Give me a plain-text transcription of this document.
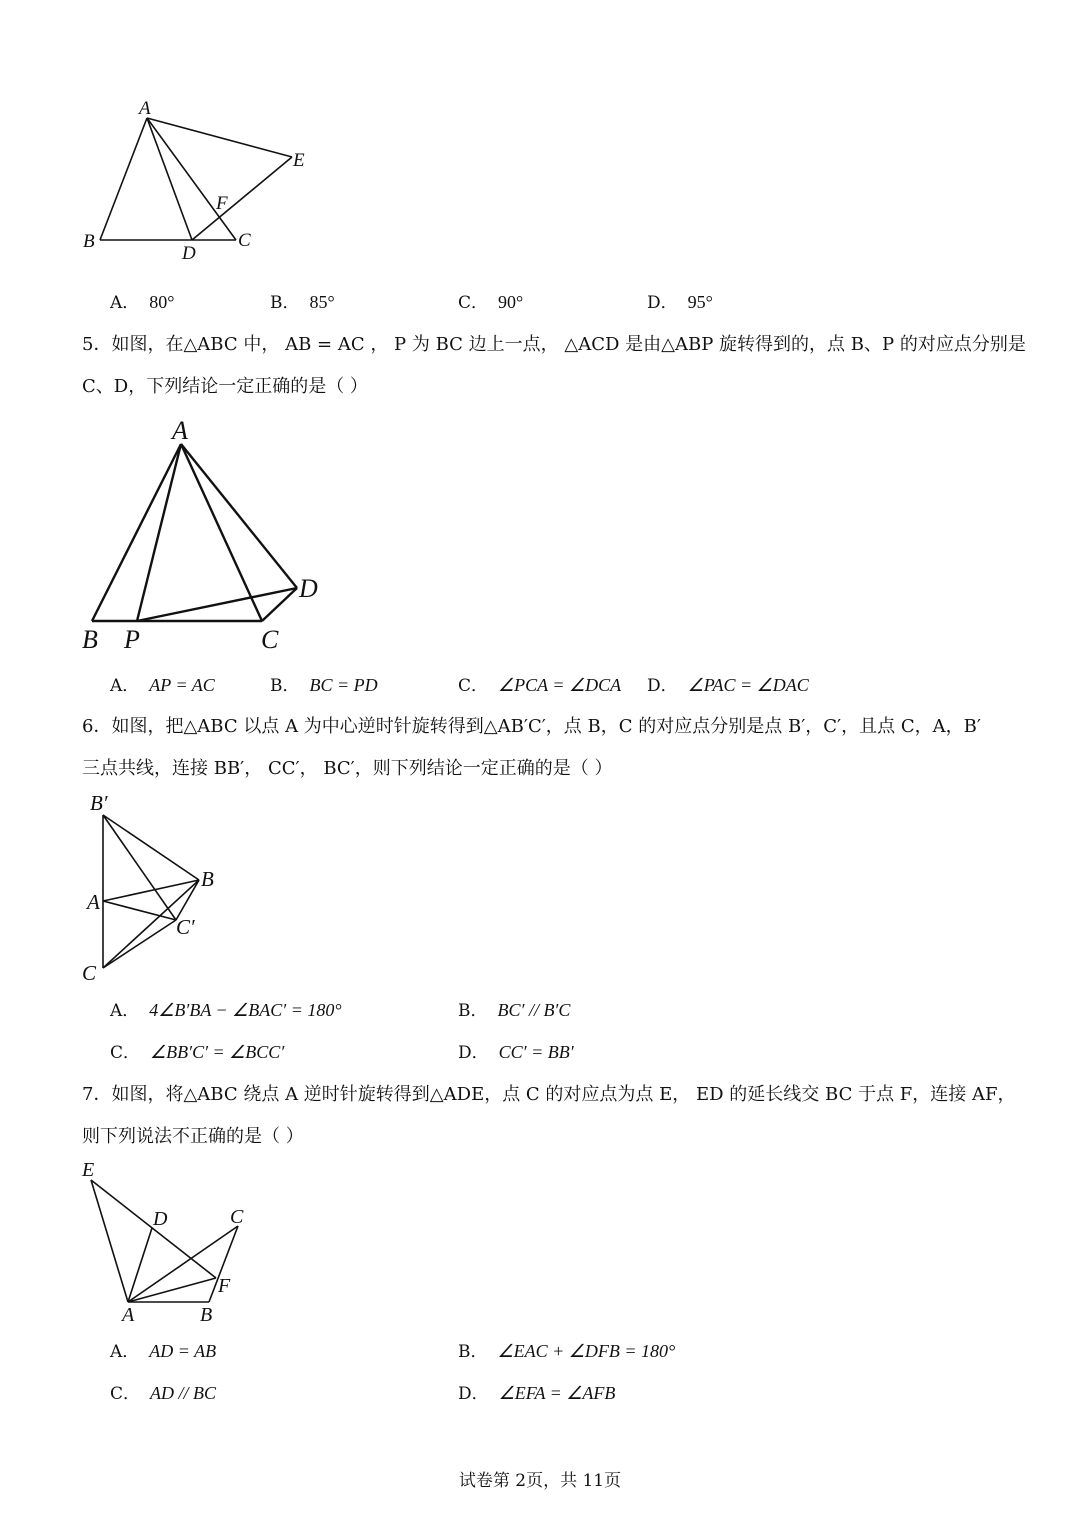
A
E
F
B
D
C
A． 80°	B． 85°	C． 90°	D． 95°
5．如图，在△ABC 中， AB = AC ， P 为 BC 边上一点， △ACD 是由△ABP 旋转得到的，点 B、P 的对应点分别是
C、D，下列结论一定正确的是（ ）
A
D
B P	C
A． AP = AC	B． BC = PD	C． ∠PCA = ∠DCA D． ∠PAC = ∠DAC
6．如图，把△ABC 以点 A 为中心逆时针旋转得到△AB′C′，点 B，C 的对应点分别是点 B′，C′，且点 C，A，B′
三点共线，连接 BB′， CC′， BC′，则下列结论一定正确的是（ ）
B′
B
A
C′
C
A． 4∠B′BA − ∠BAC′ = 180°	B． BC′ // B′C
C． ∠BB′C′ = ∠BCC′	D． CC′ = BB′
7．如图，将△ABC 绕点 A 逆时针旋转得到△ADE，点 C 的对应点为点 E， ED 的延长线交 BC 于点 F，连接 AF，
则下列说法不正确的是（ ）
E
D	C
F
A	B
A． AD = AB	B． ∠EAC + ∠DFB = 180°
C． AD // BC	D． ∠EFA = ∠AFB
试卷第 2页，共 11页
